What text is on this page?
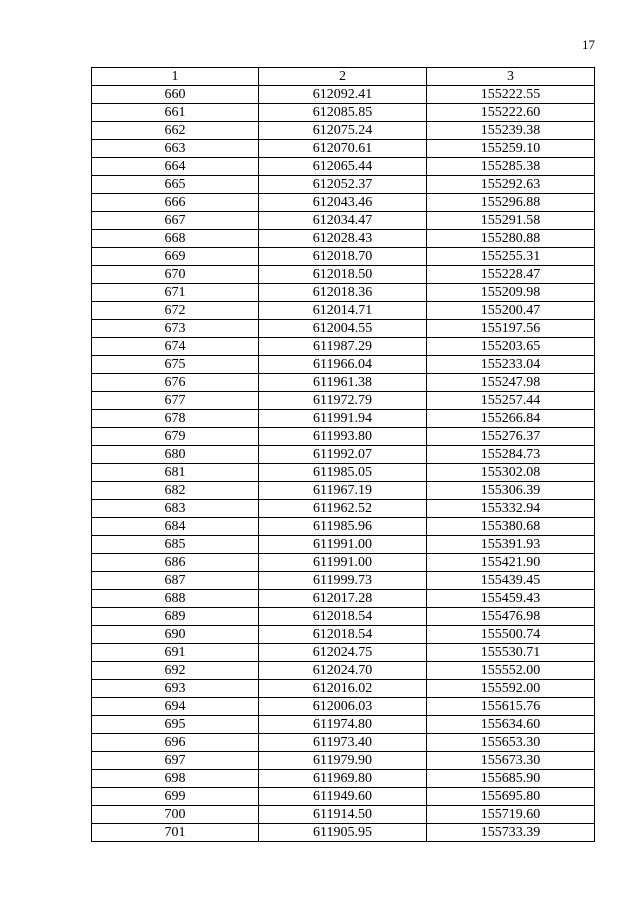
17
1	2	3
660	612092.41	155222.55
661	612085.85	155222.60
662	612075.24	155239.38
663	612070.61	155259.10
664	612065.44	155285.38
665	612052.37	155292.63
666	612043.46	155296.88
667	612034.47	155291.58
668	612028.43	155280.88
669	612018.70	155255.31
670	612018.50	155228.47
671	612018.36	155209.98
672	612014.71	155200.47
673	612004.55	155197.56
674	611987.29	155203.65
675	611966.04	155233.04
676	611961.38	155247.98
677	611972.79	155257.44
678	611991.94	155266.84
679	611993.80	155276.37
680	611992.07	155284.73
681	611985.05	155302.08
682	611967.19	155306.39
683	611962.52	155332.94
684	611985.96	155380.68
685	611991.00	155391.93
686	611991.00	155421.90
687	611999.73	155439.45
688	612017.28	155459.43
689	612018.54	155476.98
690	612018.54	155500.74
691	612024.75	155530.71
692	612024.70	155552.00
693	612016.02	155592.00
694	612006.03	155615.76
695	611974.80	155634.60
696	611973.40	155653.30
697	611979.90	155673.30
698	611969.80	155685.90
699	611949.60	155695.80
700	611914.50	155719.60
701	611905.95	155733.39
